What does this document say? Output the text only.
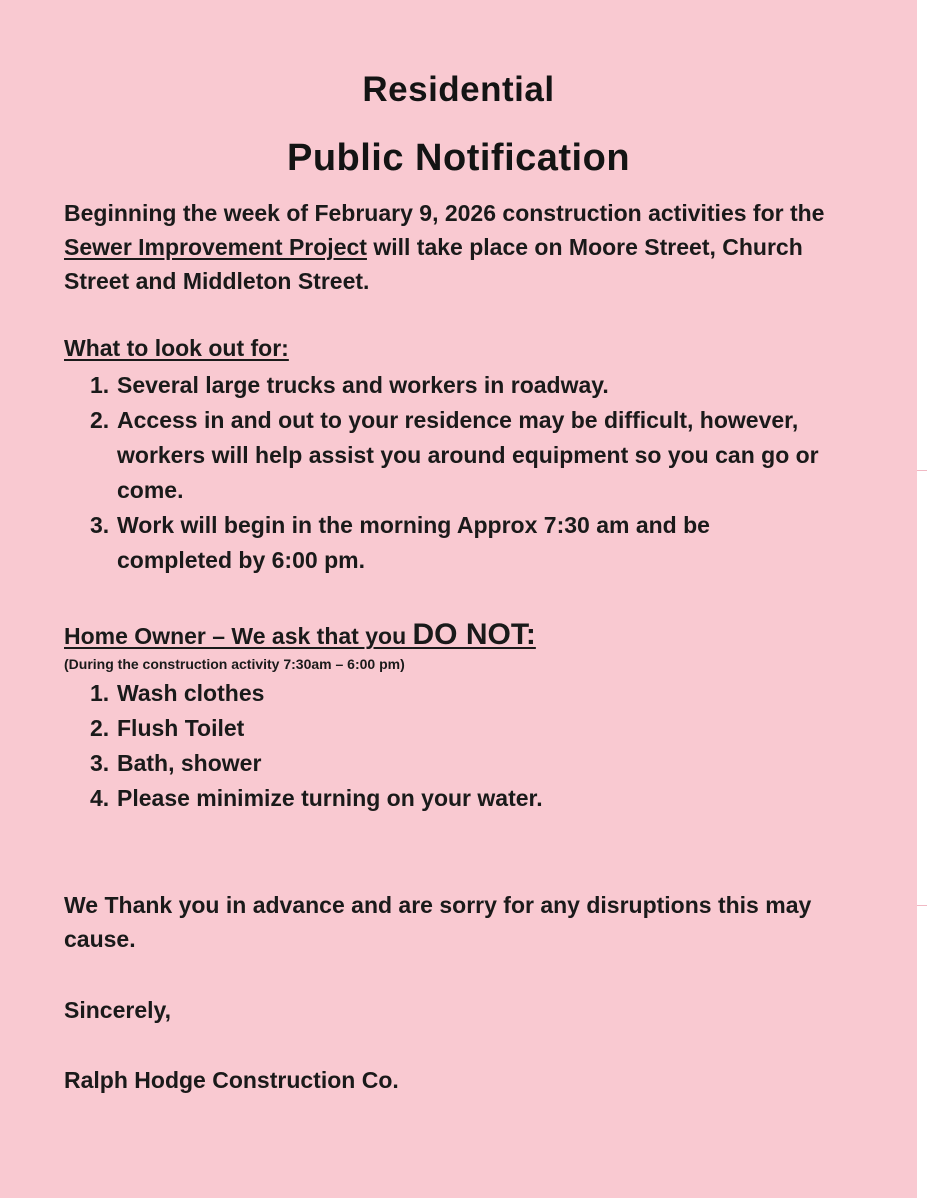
Residential
Public Notification
Beginning the week of February 9, 2026 construction activities for the Sewer Improvement Project will take place on Moore Street, Church Street and Middleton Street.
What to look out for:
1. Several large trucks and workers in roadway.
2. Access in and out to your residence may be difficult, however, workers will help assist you around equipment so you can go or come.
3. Work will begin in the morning Approx 7:30 am and be completed by 6:00 pm.
Home Owner – We ask that you DO NOT:
(During the construction activity 7:30am – 6:00 pm)
1. Wash clothes
2. Flush Toilet
3. Bath, shower
4. Please minimize turning on your water.
We Thank you in advance and are sorry for any disruptions this may cause.
Sincerely,
Ralph Hodge Construction Co.
